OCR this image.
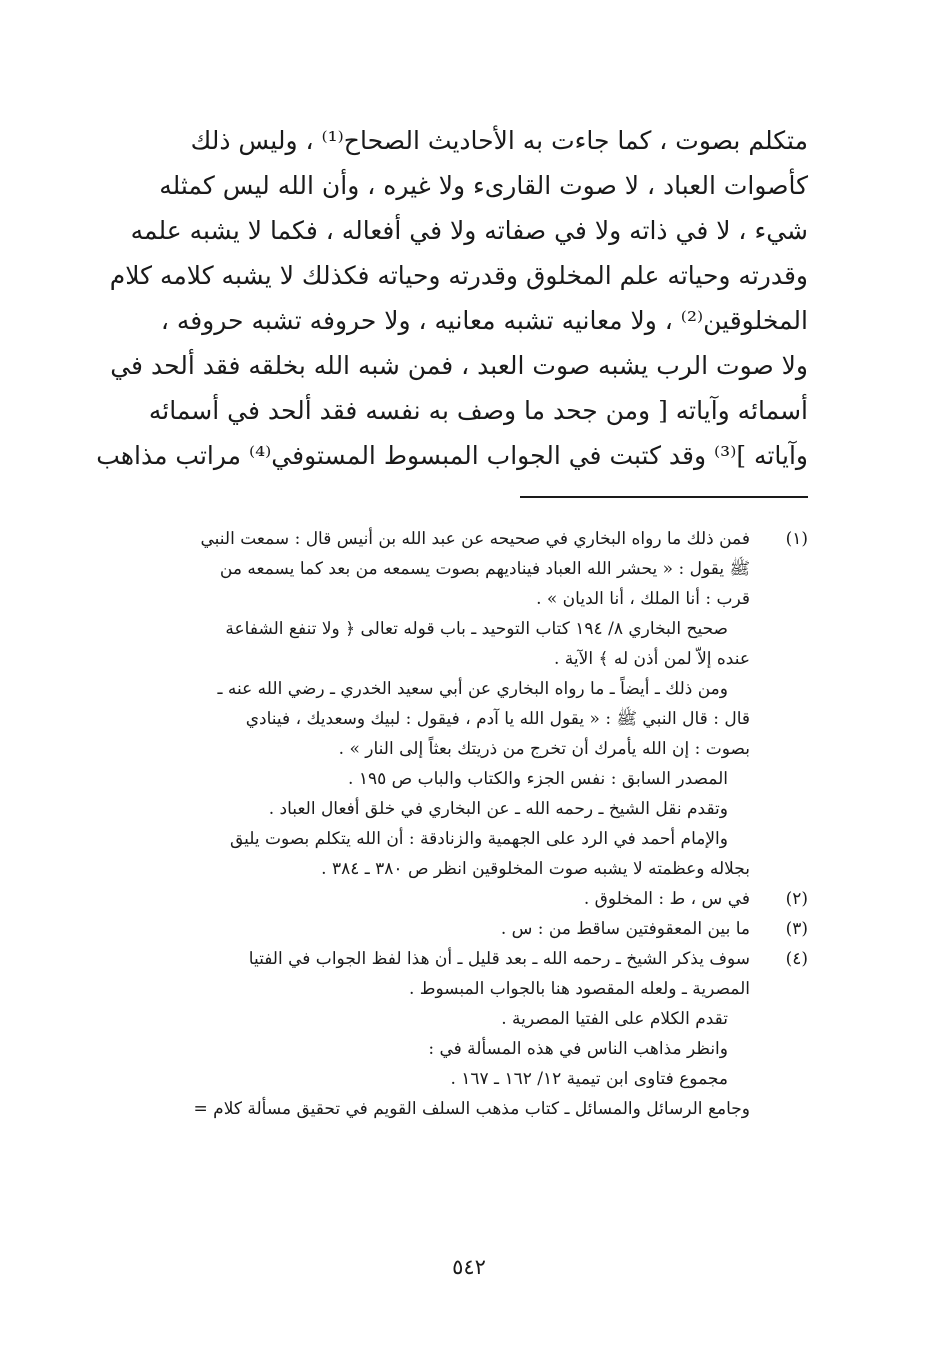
متكلم بصوت ، كما جاءت به الأحاديث الصحاح⁽¹⁾ ، وليس ذلك
كأصوات العباد ، لا صوت القارىء ولا غيره ، وأن الله ليس كمثله
شيء ، لا في ذاته ولا في صفاته ولا في أفعاله ، فكما لا يشبه علمه
وقدرته وحياته علم المخلوق وقدرته وحياته فكذلك لا يشبه كلامه كلام
المخلوقين⁽²⁾ ، ولا معانيه تشبه معانيه ، ولا حروفه تشبه حروفه ،
ولا صوت الرب يشبه صوت العبد ، فمن شبه الله بخلقه فقد ألحد في
أسمائه وآياته [ ومن جحد ما وصف به نفسه فقد ألحد في أسمائه
وآياته ]⁽³⁾ وقد كتبت في الجواب المبسوط المستوفي⁽⁴⁾ مراتب مذاهب
(١)
فمن ذلك ما رواه البخاري في صحيحه عن عبد الله بن أنيس قال : سمعت النبي
ﷺ يقول : « يحشر الله العباد فيناديهم بصوت يسمعه من بعد كما يسمعه من
قرب : أنا الملك ، أنا الديان » .
صحيح البخاري ٨/ ١٩٤ كتاب التوحيد ـ باب قوله تعالى ﴿ ولا تنفع الشفاعة
عنده إلاّ لمن أذن له ﴾ الآية .
ومن ذلك ـ أيضاً ـ ما رواه البخاري عن أبي سعيد الخدري ـ رضي الله عنه ـ
قال : قال النبي ﷺ : « يقول الله يا آدم ، فيقول : لبيك وسعديك ، فينادي
بصوت : إن الله يأمرك أن تخرج من ذريتك بعثاً إلى النار » .
المصدر السابق : نفس الجزء والكتاب والباب ص ١٩٥ .
وتقدم نقل الشيخ ـ رحمه الله ـ عن البخاري في خلق أفعال العباد .
والإمام أحمد في الرد على الجهمية والزنادقة : أن الله يتكلم بصوت يليق
بجلاله وعظمته لا يشبه صوت المخلوقين انظر ص ٣٨٠ ـ ٣٨٤ .
(٢)
في س ، ط : المخلوق .
(٣)
ما بين المعقوفتين ساقط من : س .
(٤)
سوف يذكر الشيخ ـ رحمه الله ـ بعد قليل ـ أن هذا لفظ الجواب في الفتيا
المصرية ـ ولعله المقصود هنا بالجواب المبسوط .
تقدم الكلام على الفتيا المصرية .
وانظر مذاهب الناس في هذه المسألة في :
مجموع فتاوى ابن تيمية ١٢/ ١٦٢ ـ ١٦٧ .
وجامع الرسائل والمسائل ـ كتاب مذهب السلف القويم في تحقيق مسألة كلام =
٥٤٢
